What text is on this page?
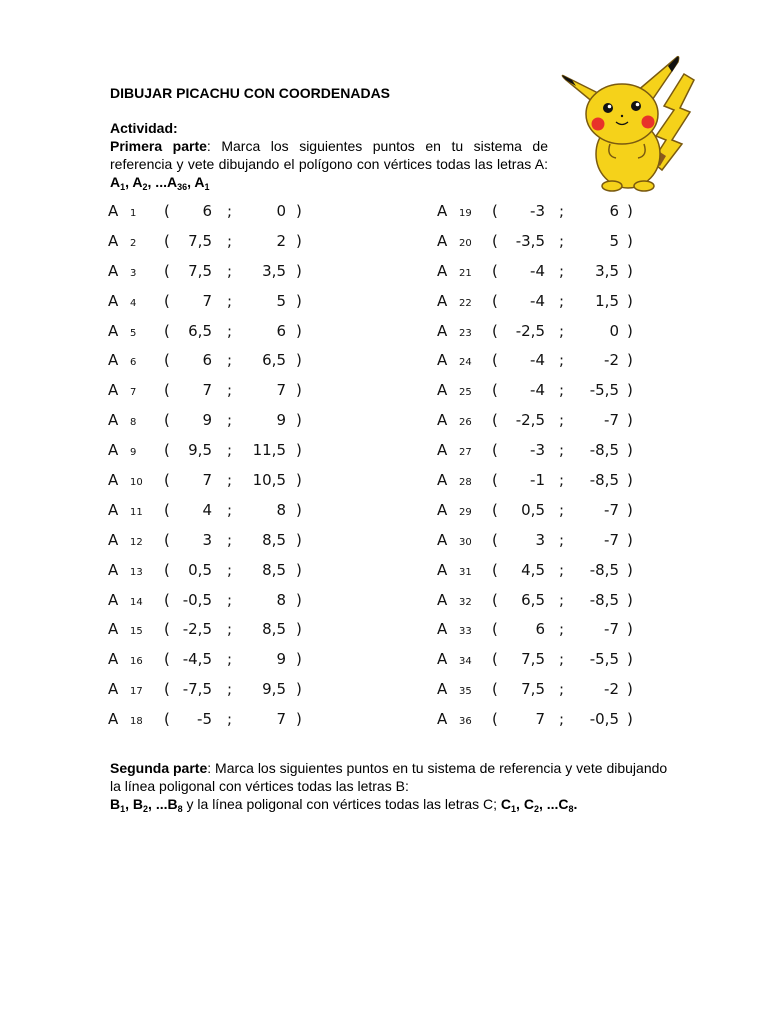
DIBUJAR PICACHU CON COORDENADAS
Actividad:
Primera parte: Marca los siguientes puntos en tu sistema de referencia y vete dibujando el polígono con vértices todas las letras A: $A_1$, $A_2$, $...A_{36}$, $A_1$
A 1 ( 6 ;	0 )
A 2 ( 7,5 ;	2 )
A 3 ( 7,5 ; 3,5 )
A 4 ( 7 ;	5 )
A 5 ( 6,5 ;	6 )
A 6 ( 6 ; 6,5 )
A 7 ( 7 ;	7 )
A 8 ( 9 ;	9 )
A 9 ( 9,5 ; 11,5 )
A 10 ( 7 ; 10,5 )
A 11 ( 4 ;	8 )
A 12 ( 3 ; 8,5 )
A 13 ( 0,5 ; 8,5 )
A 14 ( -0,5 ;	8 )
A 15 ( -2,5 ; 8,5 )
A 16 ( -4,5 ;	9 )
A 17 ( -7,5 ; 9,5 )
A 18 ( -5 ;	7 )
A 19 ( -3 ;	6 )
A 20 ( -3,5 ;	5 )
A 21 ( -4 ; 3,5 )
A 22 ( -4 ; 1,5 )
A 23 ( -2,5 ;	0 )
A 24 ( -4 ;	-2 )
A 25 ( -4 ; -5,5 )
A 26 ( -2,5 ;	-7 )
A 27 ( -3 ; -8,5 )
A 28 ( -1 ; -8,5 )
A 29 ( 0,5 ;	-7 )
A 30 (	3 ;	-7 )
A 31 ( 4,5 ; -8,5 )
A 32 ( 6,5 ; -8,5 )
A 33 (	6 ;	-7 )
A 34 ( 7,5 ; -5,5 )
A 35 ( 7,5 ;	-2 )
A 36 (	7 ; -0,5 )
Segunda parte: Marca los siguientes puntos en tu sistema de referencia y vete dibujando la línea poligonal con vértices todas las letras B:
$B_1$, $B_2$, $...B_8$ y la línea poligonal con vértices todas las letras C; $C_1$, $C_2$, $...C_8$.
